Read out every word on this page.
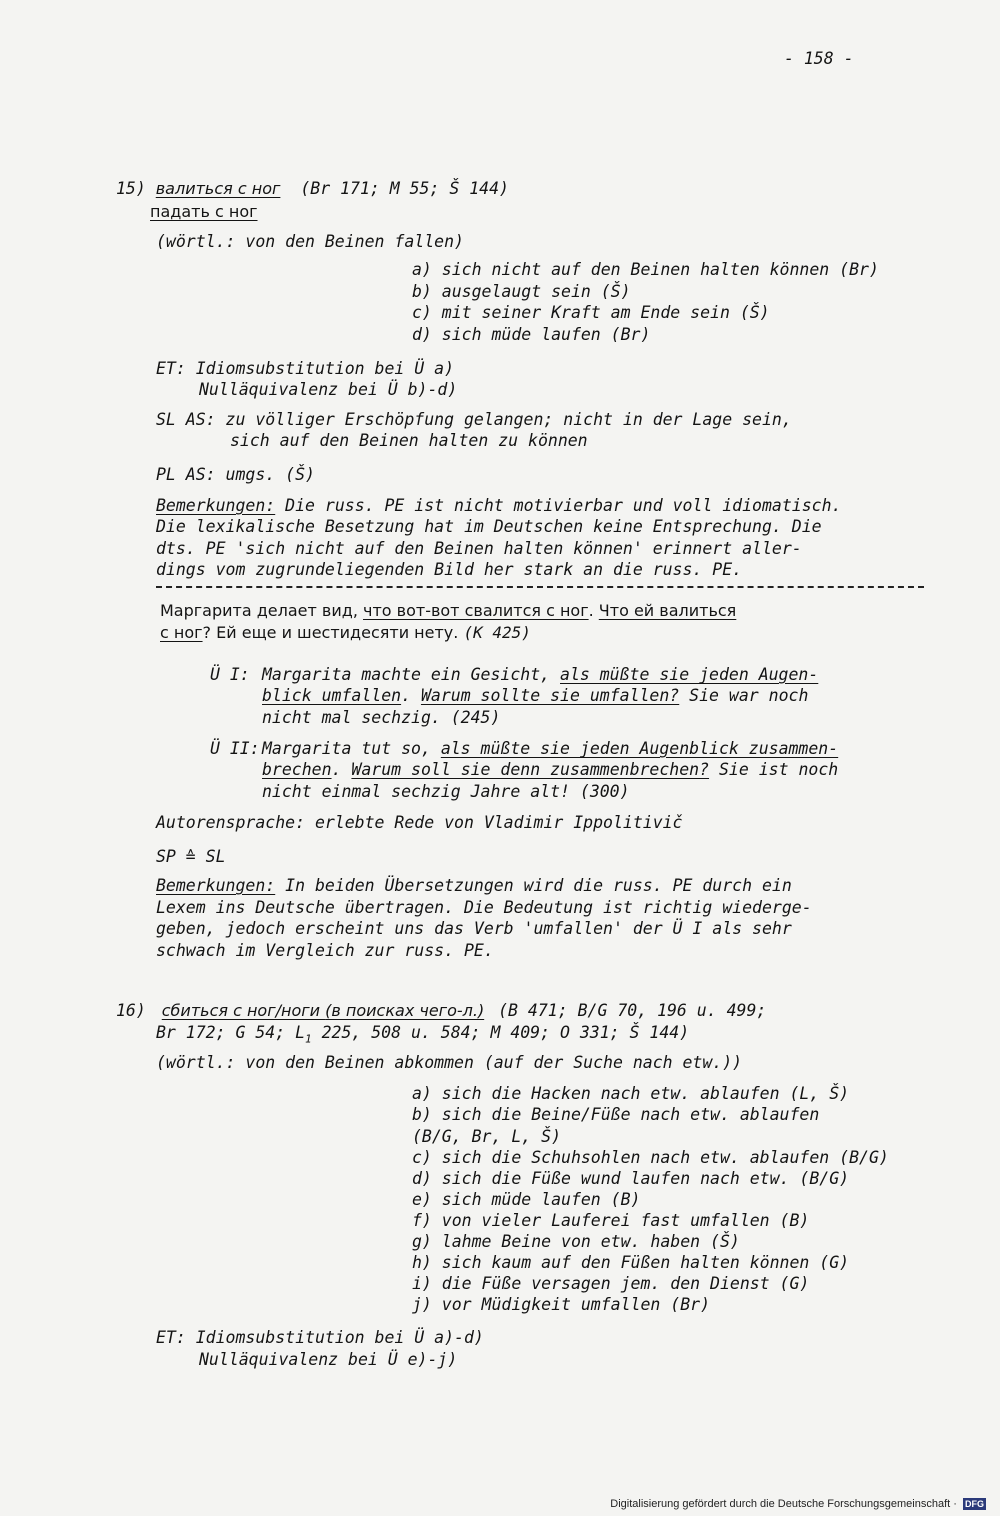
- 158 -
15) валиться с ног (Br 171; M 55; Š 144)
падать с ног
(wörtl.: von den Beinen fallen)
a) sich nicht auf den Beinen halten können (Br)
b) ausgelaugt sein (Š)
c) mit seiner Kraft am Ende sein (Š)
d) sich müde laufen (Br)
ET: Idiomsubstitution bei Ü a)
Nulläquivalenz bei Ü b)-d)
SL AS: zu völliger Erschöpfung gelangen; nicht in der Lage sein,
sich auf den Beinen halten zu können
PL AS: umgs. (Š)
Bemerkungen: Die russ. PE ist nicht motivierbar und voll idiomatisch.
Die lexikalische Besetzung hat im Deutschen keine Entsprechung. Die
dts. PE 'sich nicht auf den Beinen halten können' erinnert aller-
dings vom zugrundeliegenden Bild her stark an die russ. PE.
Маргарита делает вид, что вот-вот свалится с ног. Что ей валиться
с ног? Ей еще и шестидесяти нету. (K 425)
Ü I: Margarita machte ein Gesicht, als müßte sie jeden Augen-
blick umfallen. Warum sollte sie umfallen? Sie war noch
nicht mal sechzig. (245)
Ü II: Margarita tut so, als müßte sie jeden Augenblick zusammen-
brechen. Warum soll sie denn zusammenbrechen? Sie ist noch
nicht einmal sechzig Jahre alt! (300)
Autorensprache: erlebte Rede von Vladimir Ippolitivič
SP ≙ SL
Bemerkungen: In beiden Übersetzungen wird die russ. PE durch ein
Lexem ins Deutsche übertragen. Die Bedeutung ist richtig wiederge-
geben, jedoch erscheint uns das Verb 'umfallen' der Ü I als sehr
schwach im Vergleich zur russ. PE.
16) сбиться с ног/ноги (в поисках чего-л.) (B 471; B/G 70, 196 u. 499;
Br 172; G 54; $L_1$ 225, 508 u. 584; M 409; O 331; Š 144)
(wörtl.: von den Beinen abkommen (auf der Suche nach etw.))
a) sich die Hacken nach etw. ablaufen (L, Š)
b) sich die Beine/Füße nach etw. ablaufen
(B/G, Br, L, Š)
c) sich die Schuhsohlen nach etw. ablaufen (B/G)
d) sich die Füße wund laufen nach etw. (B/G)
e) sich müde laufen (B)
f) von vieler Lauferei fast umfallen (B)
g) lahme Beine von etw. haben (Š)
h) sich kaum auf den Füßen halten können (G)
i) die Füße versagen jem. den Dienst (G)
j) vor Müdigkeit umfallen (Br)
ET: Idiomsubstitution bei Ü a)-d)
Nulläquivalenz bei Ü e)-j)
Digitalisierung gefördert durch die Deutsche Forschungsgemeinschaft · DFG
